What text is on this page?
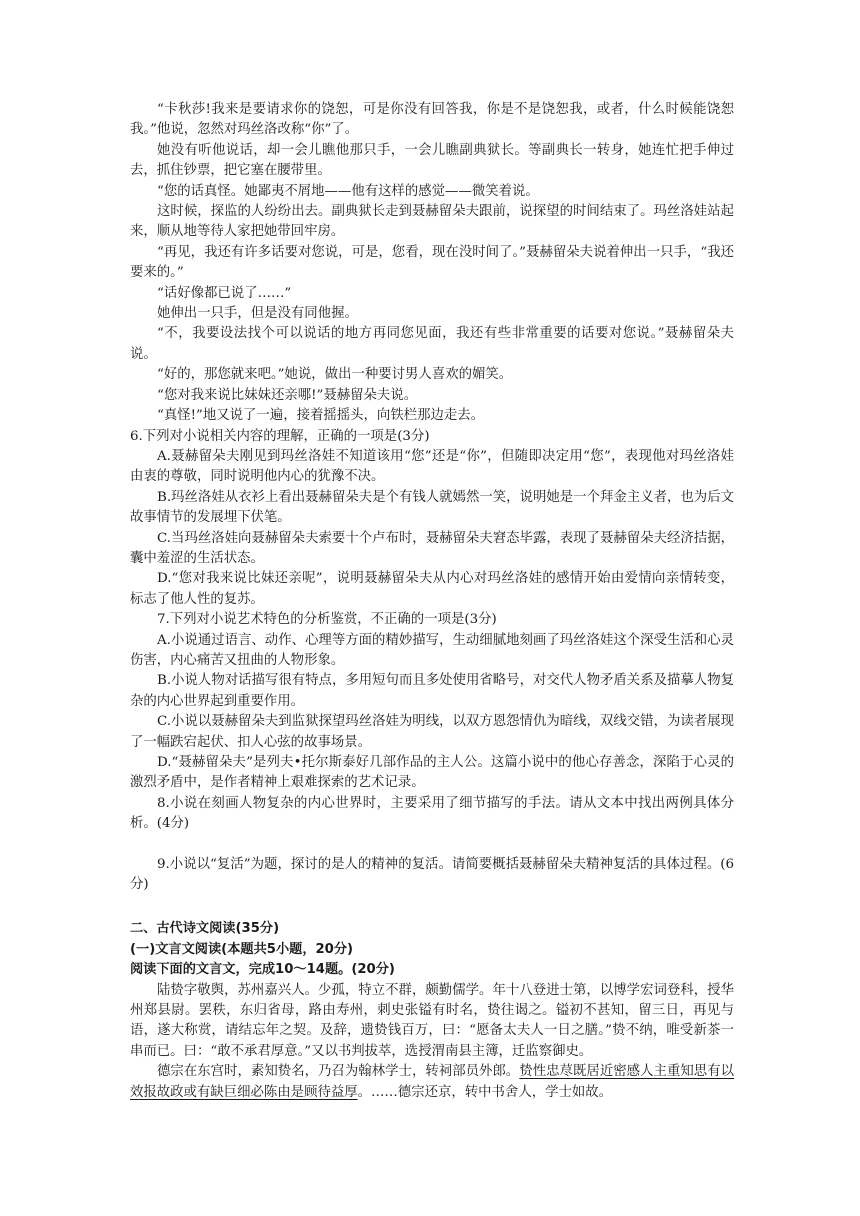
“卡秋莎!我来是要请求你的饶恕，可是你没有回答我，你是不是饶恕我，或者，什么时候能饶恕我。”他说，忽然对玛丝洛改称“你”了。

她没有听他说话，却一会儿瞧他那只手，一会儿瞧副典狱长。等副典长一转身，她连忙把手伸过去，抓住钞票，把它塞在腰带里。

“您的话真怪。她鄙夷不屑地——他有这样的感觉——微笑着说。

这时候，探监的人纷纷出去。副典狱长走到聂赫留朵夫跟前，说探望的时间结束了。玛丝洛娃站起来，顺从地等待人家把她带回牢房。

“再见，我还有许多话要对您说，可是，您看，现在没时间了。”聂赫留朵夫说着伸出一只手，“我还要来的。”

“话好像都已说了……”

她伸出一只手，但是没有同他握。

“不，我要设法找个可以说话的地方再同您见面，我还有些非常重要的话要对您说。”聂赫留朵夫说。

“好的，那您就来吧。”她说，做出一种要讨男人喜欢的媚笑。

“您对我来说比妹妹还亲哪!”聂赫留朵夫说。

“真怪!”地又说了一遍，接着摇摇头，向铁栏那边走去。

6.下列对小说相关内容的理解，正确的一项是(3分)

A.聂赫留朵夫刚见到玛丝洛娃不知道该用“您”还是“你”，但随即决定用“您”，表现他对玛丝洛娃由衷的尊敬，同时说明他内心的犹豫不决。

B.玛丝洛娃从衣衫上看出聂赫留朵夫是个有钱人就嫣然一笑，说明她是一个拜金主义者，也为后文故事情节的发展埋下伏笔。

C.当玛丝洛娃向聂赫留朵夫索要十个卢布时，聂赫留朵夫窘态毕露，表现了聂赫留朵夫经济拮据，囊中羞涩的生活状态。

D.“您对我来说比妹还亲呢”，说明聂赫留朵夫从内心对玛丝洛娃的感情开始由爱情向亲情转变，标志了他人性的复苏。

7.下列对小说艺术特色的分析鉴赏，不正确的一项是(3分)

A.小说通过语言、动作、心理等方面的精妙描写，生动细腻地刻画了玛丝洛娃这个深受生活和心灵伤害，内心痛苦又扭曲的人物形象。

B.小说人物对话描写很有特点，多用短句而且多处使用省略号，对交代人物矛盾关系及描摹人物复杂的内心世界起到重要作用。

C.小说以聂赫留朵夫到监狱探望玛丝洛娃为明线，以双方恩怨情仇为暗线，双线交错，为读者展现了一幅跌宕起伏、扣人心弦的故事场景。

D.“聂赫留朵夫”是列夫•托尔斯泰好几部作品的主人公。这篇小说中的他心存善念，深陷于心灵的激烈矛盾中，是作者精神上艰难探索的艺术记录。

8.小说在刻画人物复杂的内心世界时，主要采用了细节描写的手法。请从文本中找出两例具体分析。(4分)

9.小说以“复活”为题，探讨的是人的精神的复活。请简要概括聂赫留朵夫精神复活的具体过程。(6分)

二、古代诗文阅读(35分)

(一)文言文阅读(本题共5小题，20分)

阅读下面的文言文，完成10～14题。(20分)

陆贽字敬舆，苏州嘉兴人。少孤，特立不群，颇勤儒学。年十八登进士第，以博学宏词登科，授华州郑县尉。罢秩，东归省母，路由寿州，刺史张镒有时名，贽往谒之。镒初不甚知，留三日，再见与语，遂大称赏，请结忘年之契。及辞，遗贽钱百万，曰：“愿备太夫人一日之膳。”贽不纳，唯受新茶一串而已。曰：“敢不承君厚意。”又以书判拔萃，选授渭南县主簿，迁监察御史。

德宗在东宫时，素知贽名，乃召为翰林学士，转祠部员外郎。贽性忠荩既居近密感人主重知思有以效报故政或有缺巨细必陈由是顾待益厚。……德宗还京，转中书舍人，学士如故。
